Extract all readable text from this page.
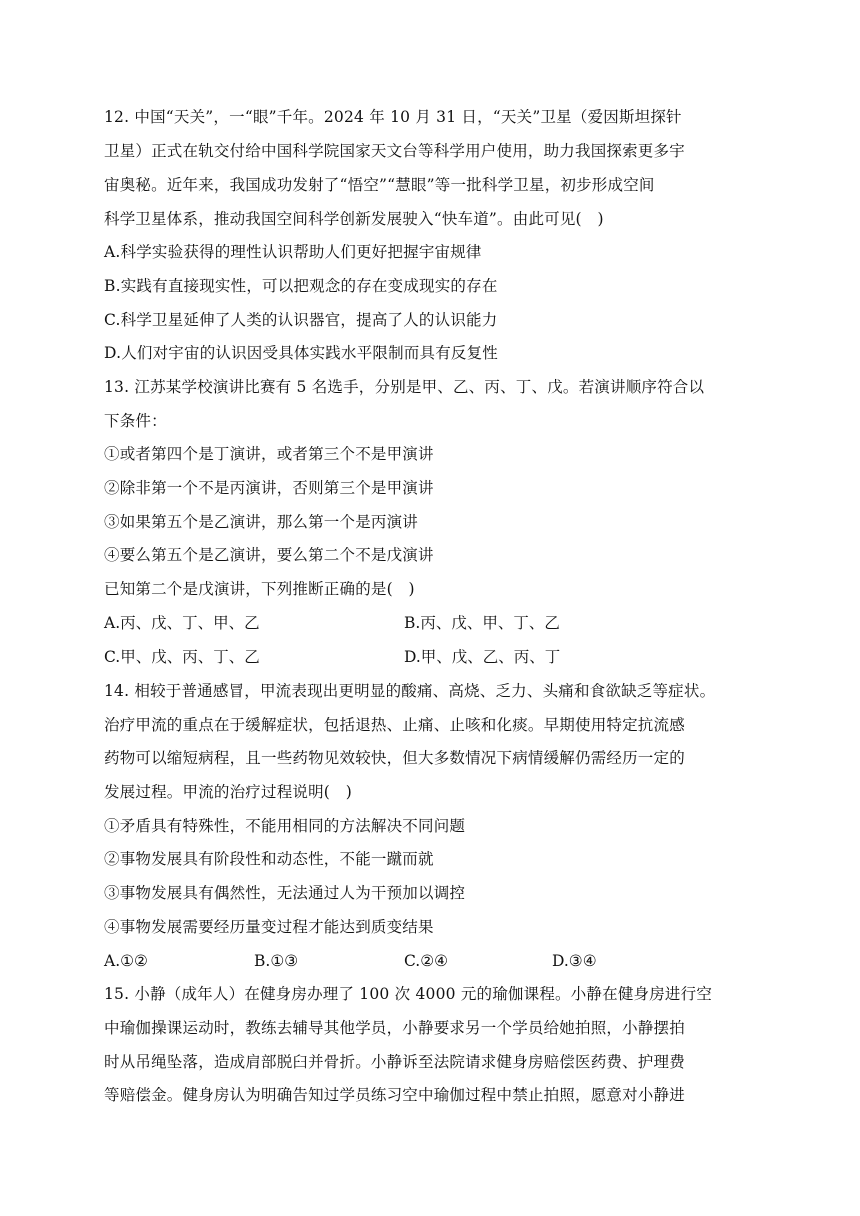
12. 中国“天关”，一“眼”千年。2024 年 10 月 31 日，“天关”卫星（爱因斯坦探针
卫星）正式在轨交付给中国科学院国家天文台等科学用户使用，助力我国探索更多宇
宙奥秘。近年来，我国成功发射了“悟空”“慧眼”等一批科学卫星，初步形成空间
科学卫星体系，推动我国空间科学创新发展驶入“快车道”。由此可见(　)
A.科学实验获得的理性认识帮助人们更好把握宇宙规律
B.实践有直接现实性，可以把观念的存在变成现实的存在
C.科学卫星延伸了人类的认识器官，提高了人的认识能力
D.人们对宇宙的认识因受具体实践水平限制而具有反复性
13. 江苏某学校演讲比赛有 5 名选手，分别是甲、乙、丙、丁、戊。若演讲顺序符合以
下条件：
①或者第四个是丁演讲，或者第三个不是甲演讲
②除非第一个不是丙演讲，否则第三个是甲演讲
③如果第五个是乙演讲，那么第一个是丙演讲
④要么第五个是乙演讲，要么第二个不是戊演讲
已知第二个是戊演讲，下列推断正确的是(　)
A.丙、戊、丁、甲、乙	B.丙、戊、甲、丁、乙
C.甲、戊、丙、丁、乙	D.甲、戊、乙、丙、丁
14. 相较于普通感冒，甲流表现出更明显的酸痛、高烧、乏力、头痛和食欲缺乏等症状。
治疗甲流的重点在于缓解症状，包括退热、止痛、止咳和化痰。早期使用特定抗流感
药物可以缩短病程，且一些药物见效较快，但大多数情况下病情缓解仍需经历一定的
发展过程。甲流的治疗过程说明(　)
①矛盾具有特殊性，不能用相同的方法解决不同问题
②事物发展具有阶段性和动态性，不能一蹴而就
③事物发展具有偶然性，无法通过人为干预加以调控
④事物发展需要经历量变过程才能达到质变结果
A.①②	B.①③	C.②④	D.③④
15. 小静（成年人）在健身房办理了 100 次 4000 元的瑜伽课程。小静在健身房进行空
中瑜伽操课运动时，教练去辅导其他学员，小静要求另一个学员给她拍照，小静摆拍
时从吊绳坠落，造成肩部脱臼并骨折。小静诉至法院请求健身房赔偿医药费、护理费
等赔偿金。健身房认为明确告知过学员练习空中瑜伽过程中禁止拍照，愿意对小静进
